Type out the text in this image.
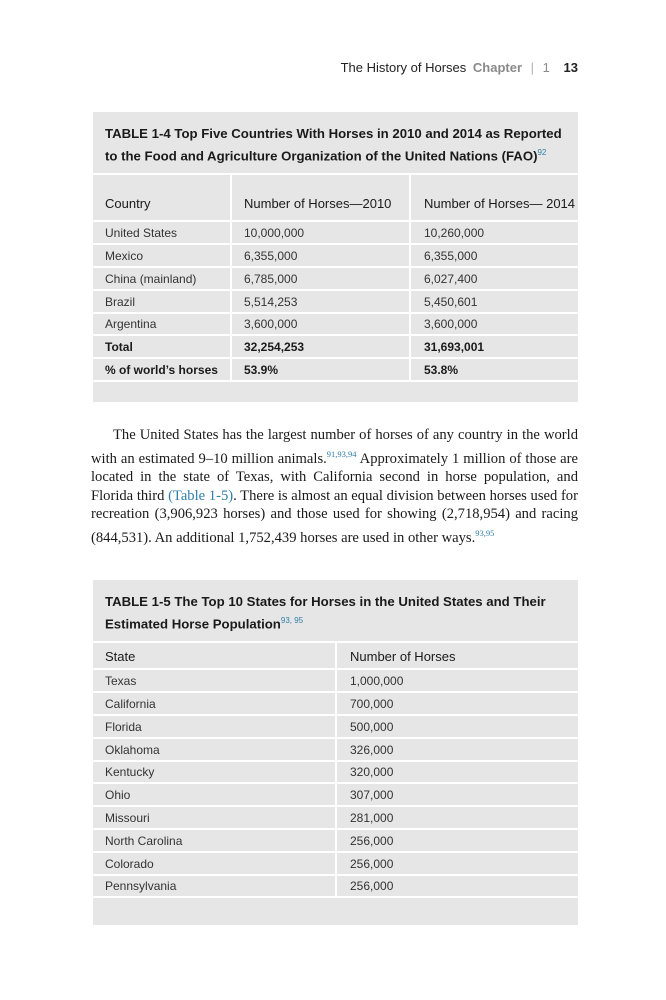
The History of Horses Chapter | 1 13
TABLE 1-4 Top Five Countries With Horses in 2010 and 2014 as Reported to the Food and Agriculture Organization of the United Nations (FAO)$^{92}$
Country	Number of Horses—2010	Number of Horses— 2014
United States	10,000,000	10,260,000
Mexico	6,355,000	6,355,000
China (mainland)	6,785,000	6,027,400
Brazil	5,514,253	5,450,601
Argentina	3,600,000	3,600,000
Total	32,254,253	31,693,001
% of world’s horses	53.9%	53.8%

The United States has the largest number of horses of any country in the world with an estimated 9–10 million animals.$^{91,93,94}$ Approximately 1 million of those are located in the state of Texas, with California second in horse population, and Florida third (Table 1-5). There is almost an equal division between horses used for recreation (3,906,923 horses) and those used for showing (2,718,954) and racing (844,531). An additional 1,752,439 horses are used in other ways.$^{93,95}$

TABLE 1-5 The Top 10 States for Horses in the United States and Their Estimated Horse Population$^{93, 95}$
State	Number of Horses
Texas	1,000,000
California	700,000
Florida	500,000
Oklahoma	326,000
Kentucky	320,000
Ohio	307,000
Missouri	281,000
North Carolina	256,000
Colorado	256,000
Pennsylvania	256,000
